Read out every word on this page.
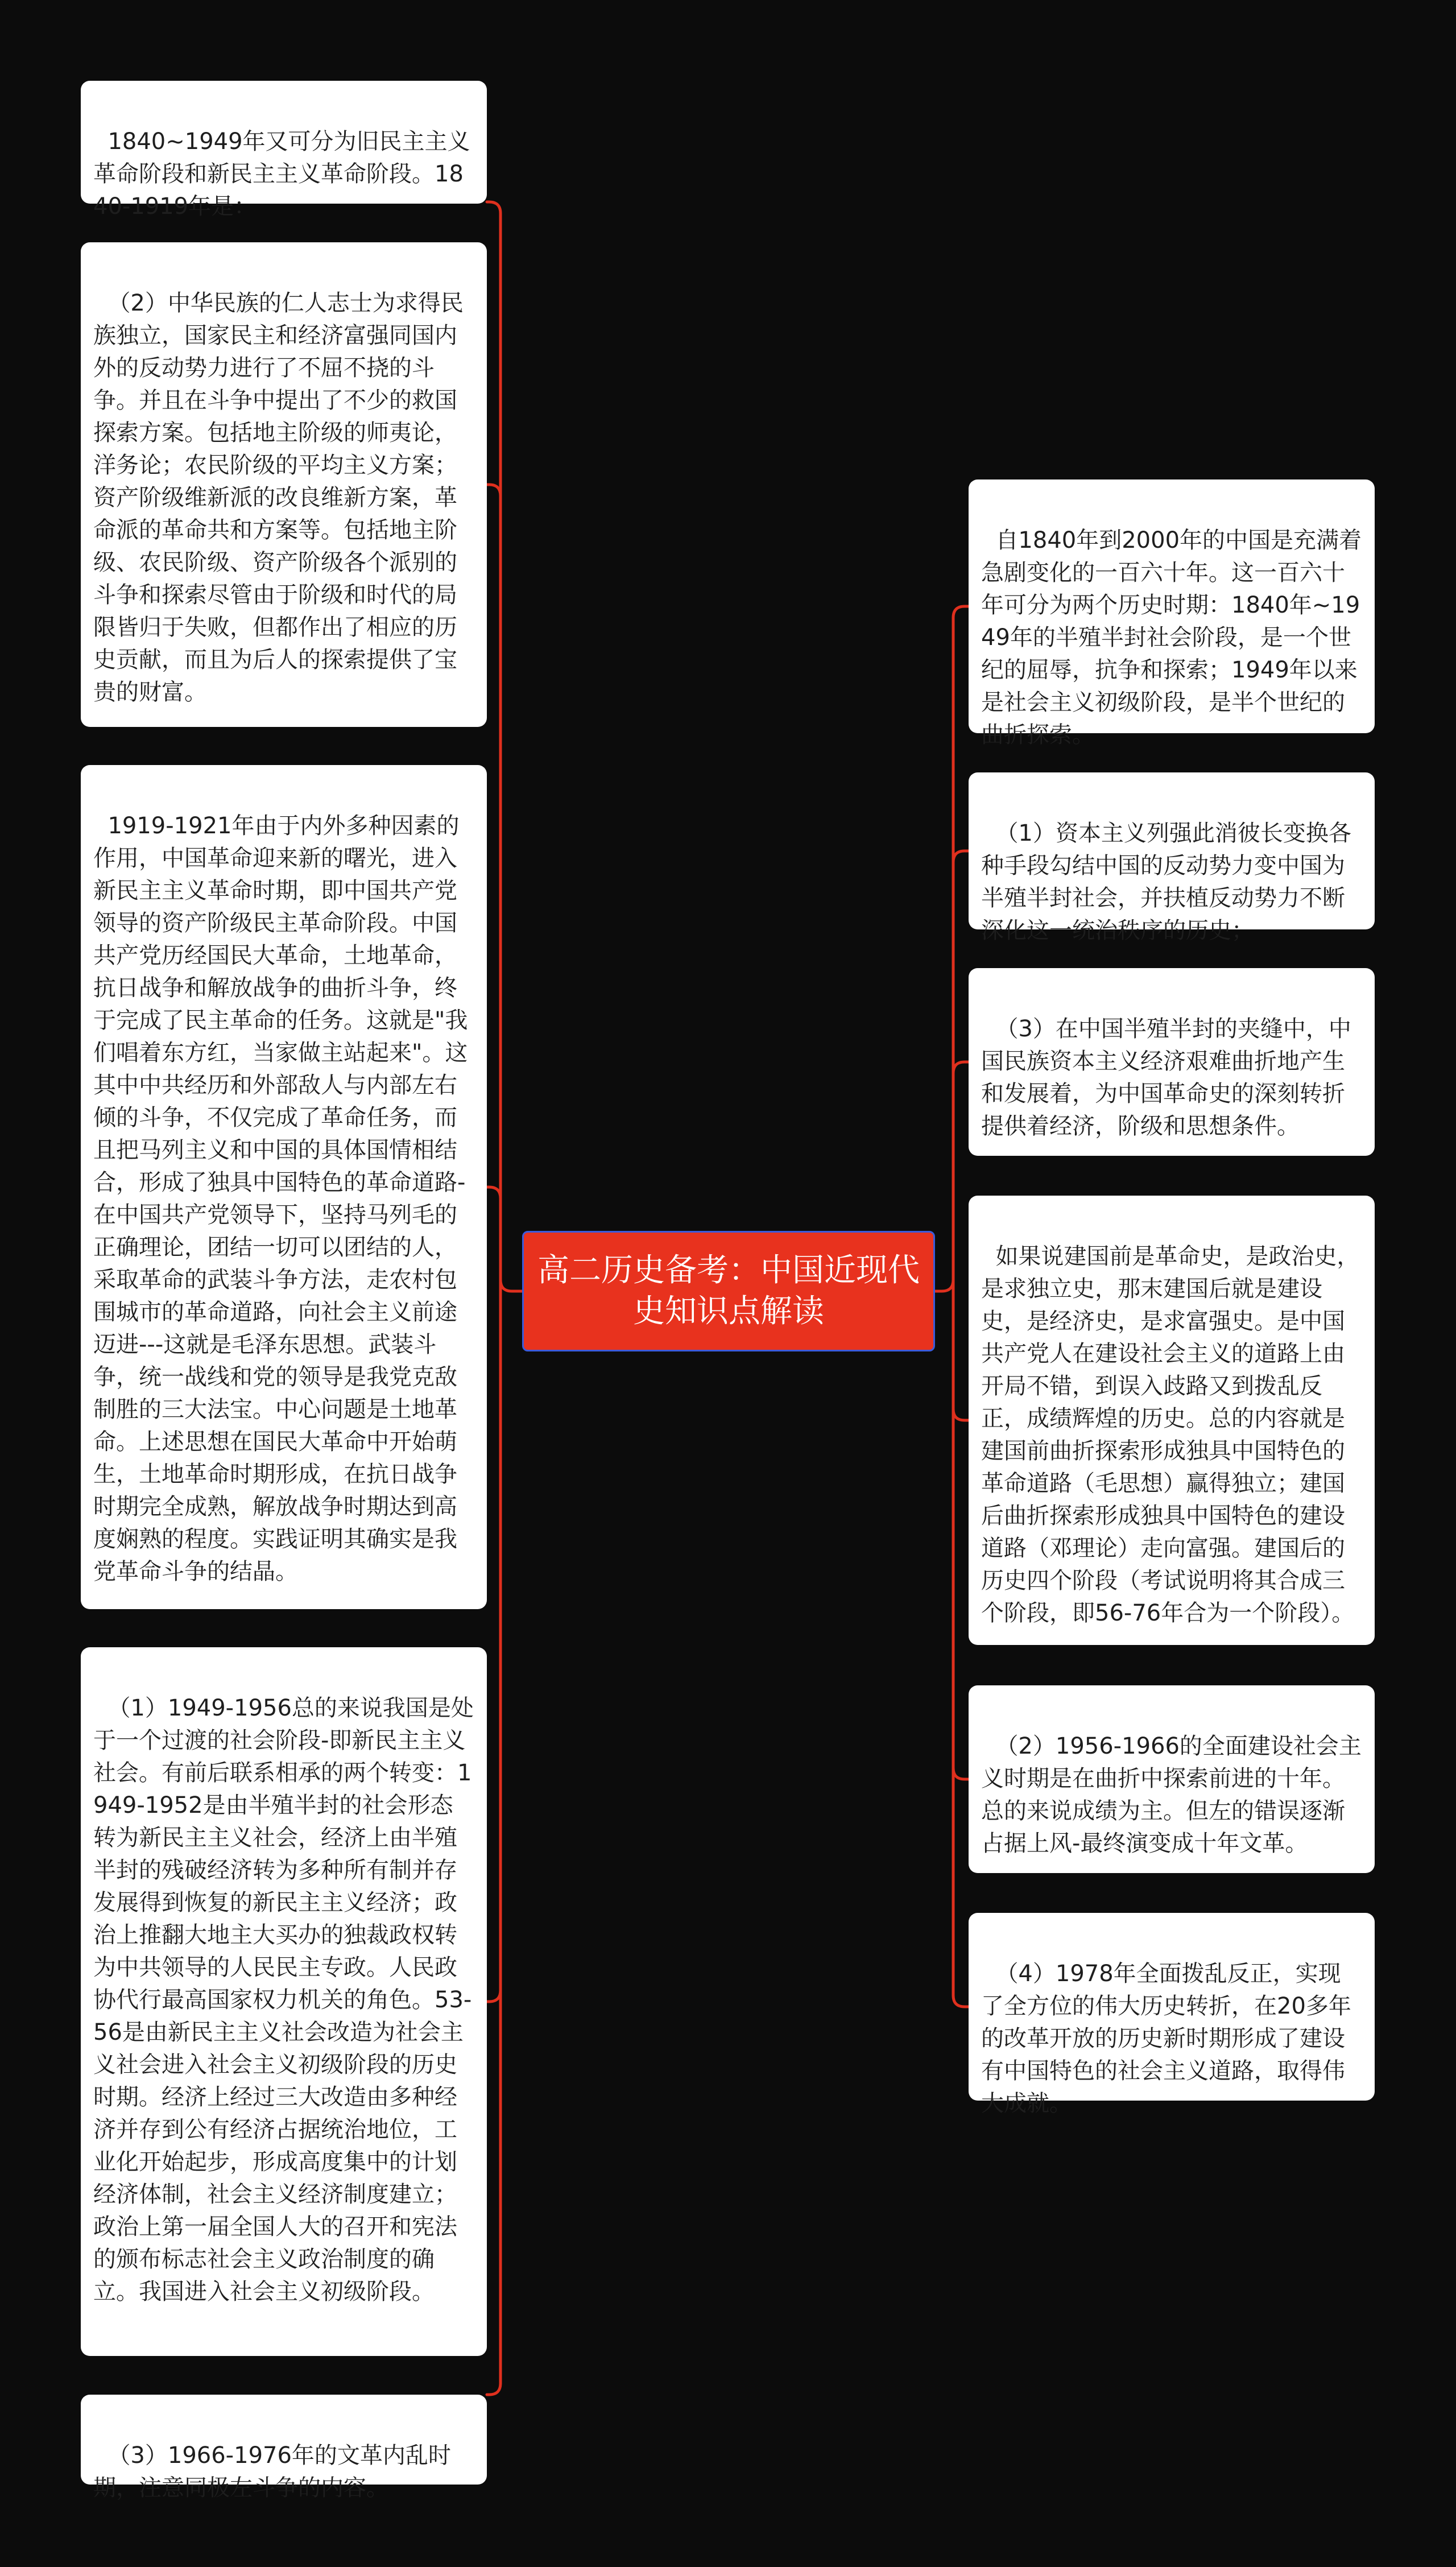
1840~1949年又可分为旧民主主义革命阶段和新民主主义革命阶段。1840-1919年是：

（2）中华民族的仁人志士为求得民族独立，国家民主和经济富强同国内外的反动势力进行了不屈不挠的斗争。并且在斗争中提出了不少的救国探索方案。包括地主阶级的师夷论，洋务论；农民阶级的平均主义方案；资产阶级维新派的改良维新方案，革命派的革命共和方案等。包括地主阶级、农民阶级、资产阶级各个派别的斗争和探索尽管由于阶级和时代的局限皆归于失败，但都作出了相应的历史贡献，而且为后人的探索提供了宝贵的财富。

1919-1921年由于内外多种因素的作用，中国革命迎来新的曙光，进入新民主主义革命时期，即中国共产党领导的资产阶级民主革命阶段。中国共产党历经国民大革命，土地革命，抗日战争和解放战争的曲折斗争，终于完成了民主革命的任务。这就是"我们唱着东方红，当家做主站起来"。这其中中共经历和外部敌人与内部左右倾的斗争，不仅完成了革命任务，而且把马列主义和中国的具体国情相结合，形成了独具中国特色的革命道路-在中国共产党领导下，坚持马列毛的正确理论，团结一切可以团结的人，采取革命的武装斗争方法，走农村包围城市的革命道路，向社会主义前途迈进---这就是毛泽东思想。武装斗争，统一战线和党的领导是我党克敌制胜的三大法宝。中心问题是土地革命。上述思想在国民大革命中开始萌生，土地革命时期形成，在抗日战争时期完全成熟，解放战争时期达到高度娴熟的程度。实践证明其确实是我党革命斗争的结晶。

（1）1949-1956总的来说我国是处于一个过渡的社会阶段-即新民主主义社会。有前后联系相承的两个转变：1949-1952是由半殖半封的社会形态转为新民主主义社会，经济上由半殖半封的残破经济转为多种所有制并存发展得到恢复的新民主主义经济；政治上推翻大地主大买办的独裁政权转为中共领导的人民民主专政。人民政协代行最高国家权力机关的角色。53-56是由新民主主义社会改造为社会主义社会进入社会主义初级阶段的历史时期。经济上经过三大改造由多种经济并存到公有经济占据统治地位，工业化开始起步，形成高度集中的计划经济体制，社会主义经济制度建立；政治上第一届全国人大的召开和宪法的颁布标志社会主义政治制度的确立。我国进入社会主义初级阶段。

（3）1966-1976年的文革内乱时期，注意同极左斗争的内容。

高二历史备考：中国近现代史知识点解读

自1840年到2000年的中国是充满着急剧变化的一百六十年。这一百六十年可分为两个历史时期：1840年~1949年的半殖半封社会阶段，是一个世纪的屈辱，抗争和探索；1949年以来是社会主义初级阶段，是半个世纪的曲折探索。

（1）资本主义列强此消彼长变换各种手段勾结中国的反动势力变中国为半殖半封社会，并扶植反动势力不断深化这一统治秩序的历史；

（3）在中国半殖半封的夹缝中，中国民族资本主义经济艰难曲折地产生和发展着，为中国革命史的深刻转折提供着经济，阶级和思想条件。

如果说建国前是革命史，是政治史，是求独立史，那末建国后就是建设史，是经济史，是求富强史。是中国共产党人在建设社会主义的道路上由开局不错，到误入歧路又到拨乱反正，成绩辉煌的历史。总的内容就是建国前曲折探索形成独具中国特色的革命道路（毛思想）赢得独立；建国后曲折探索形成独具中国特色的建设道路（邓理论）走向富强。建国后的历史四个阶段（考试说明将其合成三个阶段，即56-76年合为一个阶段）。

（2）1956-1966的全面建设社会主义时期是在曲折中探索前进的十年。总的来说成绩为主。但左的错误逐渐占据上风-最终演变成十年文革。

（4）1978年全面拨乱反正，实现了全方位的伟大历史转折，在20多年的改革开放的历史新时期形成了建设有中国特色的社会主义道路，取得伟大成就。
